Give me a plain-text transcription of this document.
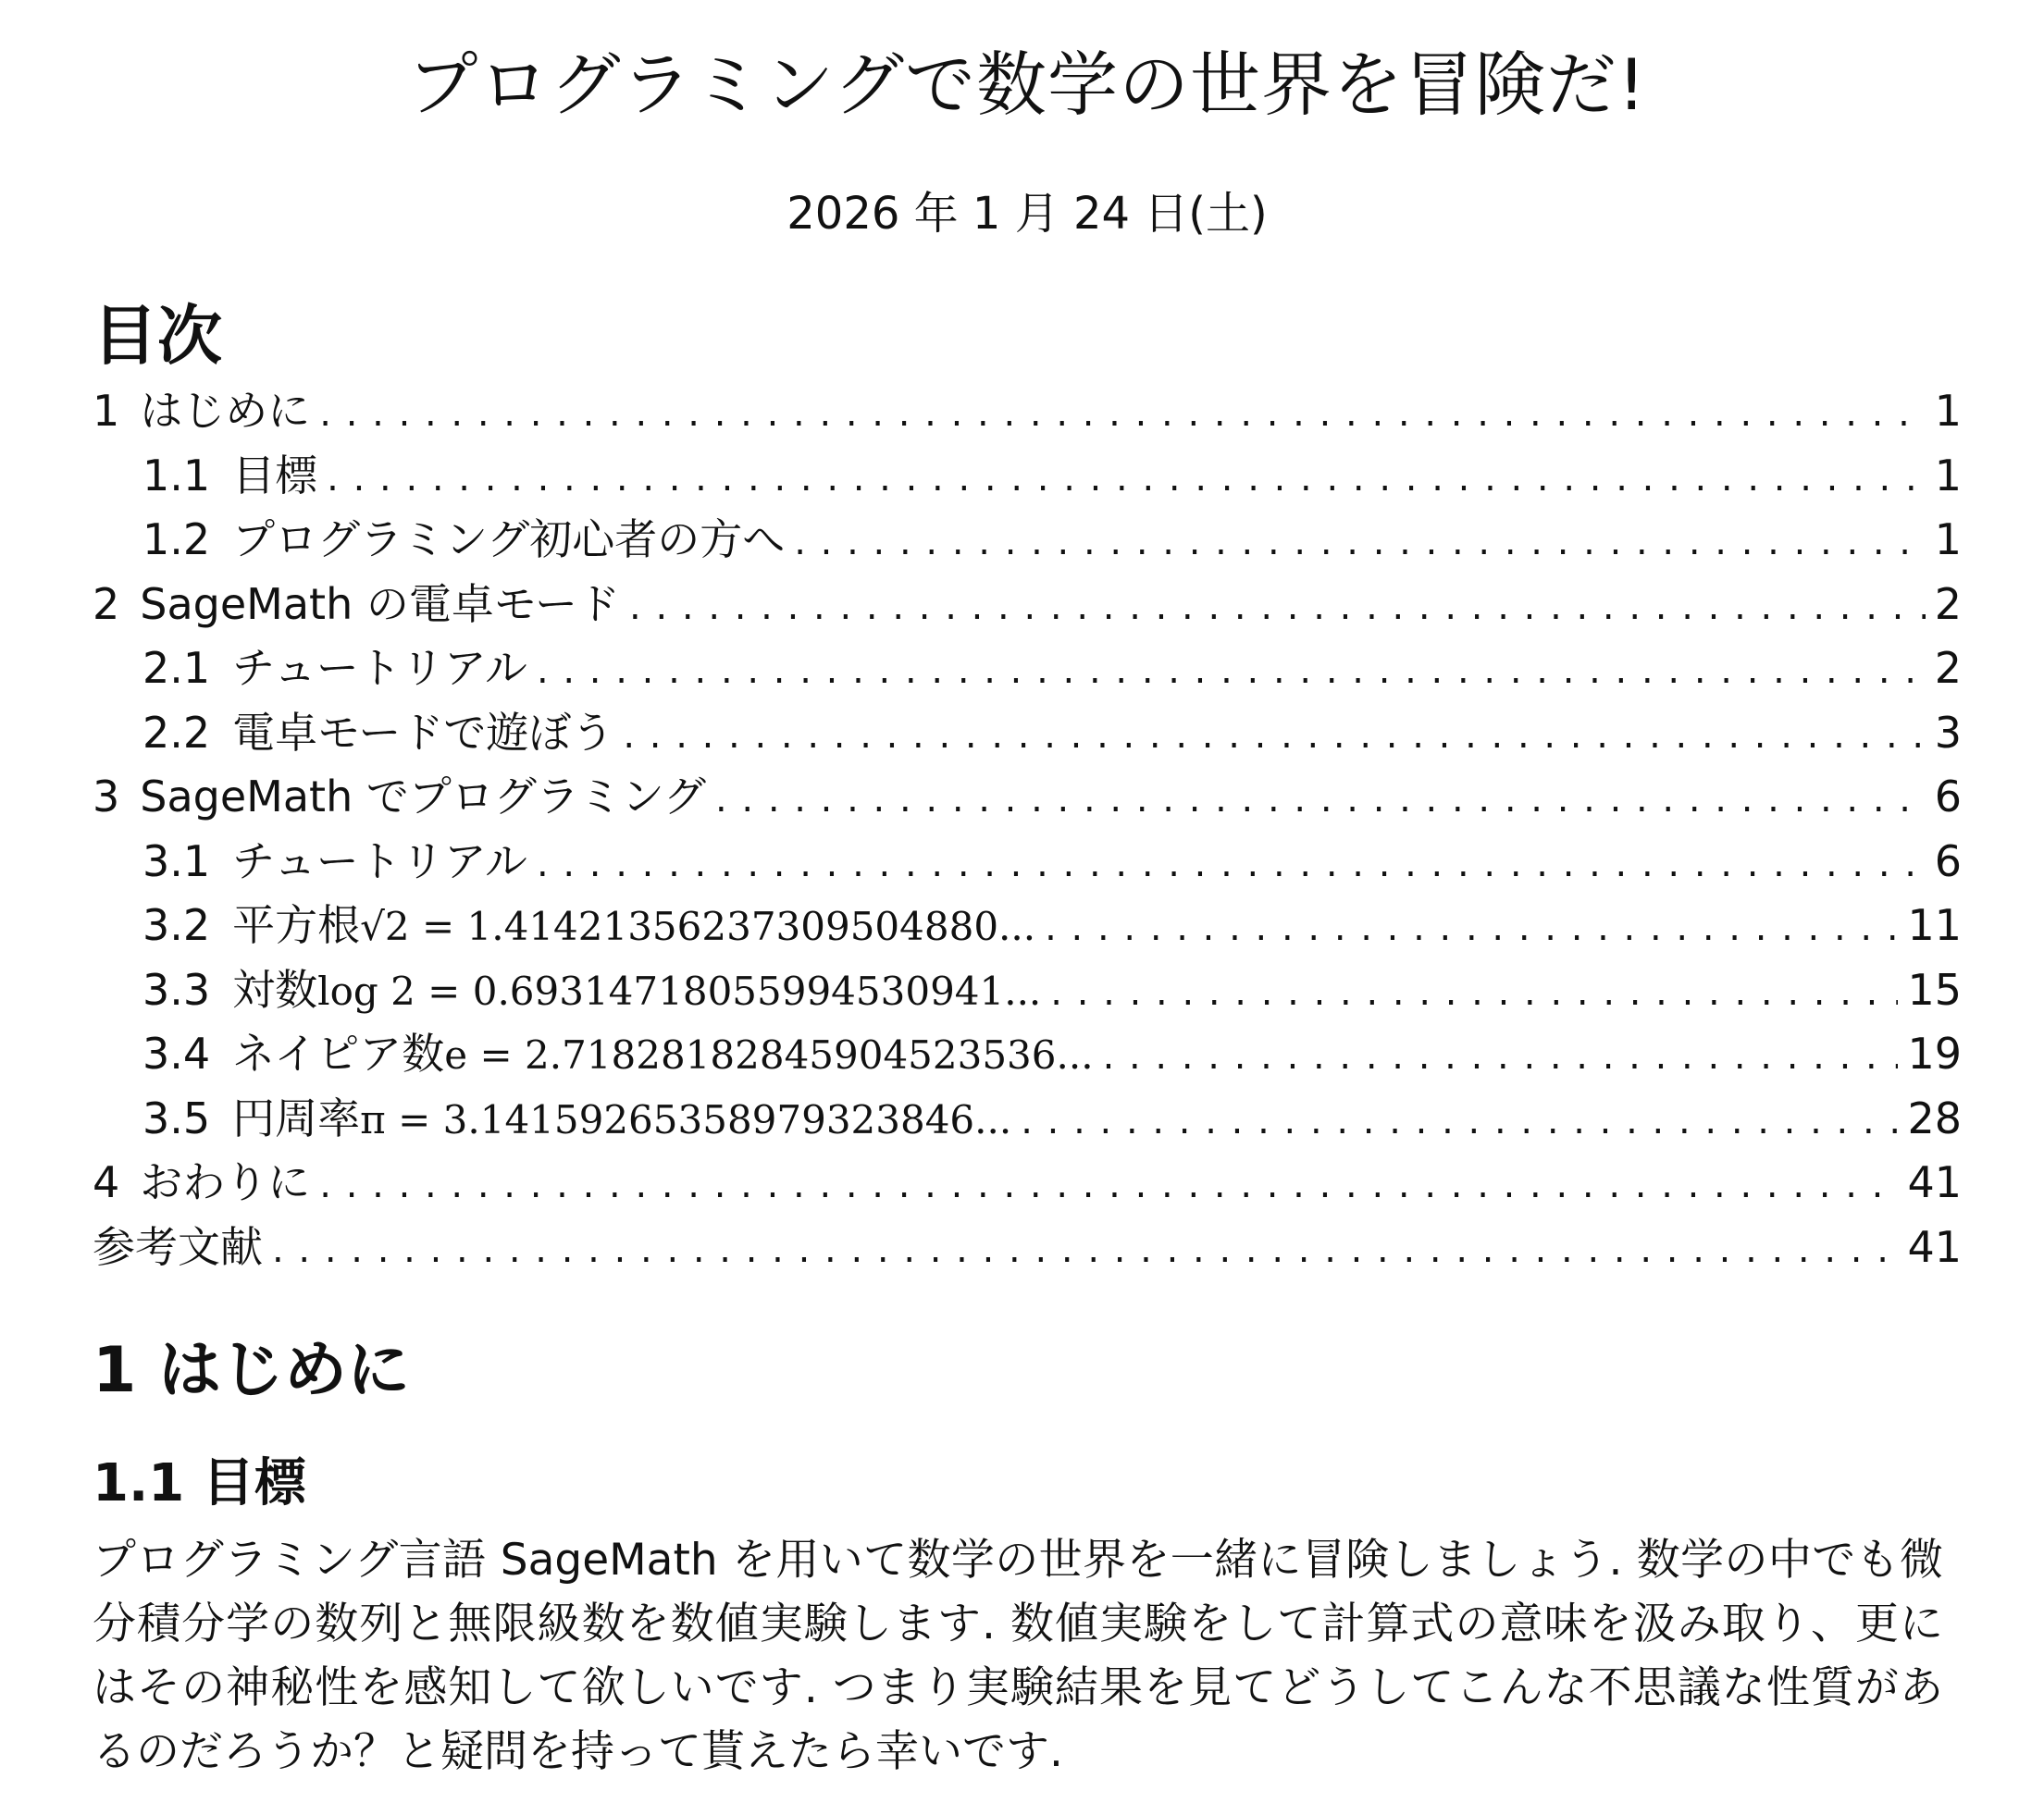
プログラミングで数学の世界を冒険だ!
2026 年 1 月 24 日(土)
目次
1 はじめに . . .	1
1.1 目標 . . .	1
1.2 プログラミング初心者の方へ . . .	1
2 SageMath の電卓モード . . .	2
2.1 チュートリアル . . .	2
2.2 電卓モードで遊ぼう . . .	3
3 SageMath でプログラミング . . .	6
3.1 チュートリアル . . .	6
3.2 平方根 √2 = 1.414213562373095048​80... . . .	11
3.3 対数 log 2 = 0.69314718055994530941... . . .	15
3.4 ネイピア数 e = 2.71828182845904523536... . . .	19
3.5 円周率 π = 3.14159265358979323846... . . .	28
4 おわりに . . .	41
参考文献 . . .	41
1 はじめに
1.1 目標
プログラミング言語 SageMath を用いて数学の世界を一緒に冒険しましょう. 数学の中でも微分積分学の数列と無限級数を数値実験します. 数値実験をして計算式の意味を汲み取り、更にはその神秘性を感知して欲しいです. つまり実験結果を見てどうしてこんな不思議な性質があるのだろうか？と疑問を持って貰えたら幸いです.
